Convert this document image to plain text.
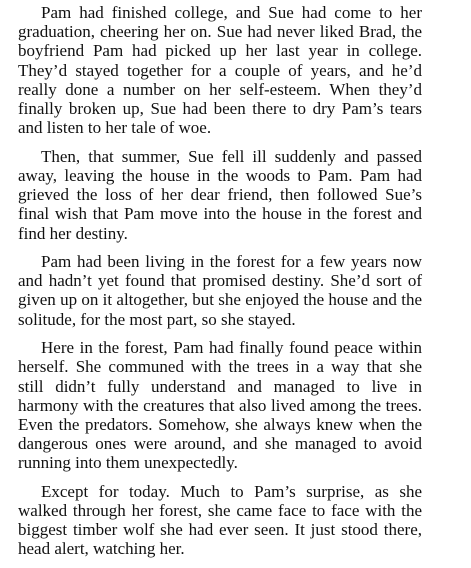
Pam had finished college, and Sue had come to her graduation, cheering her on. Sue had never liked Brad, the boyfriend Pam had picked up her last year in college. They’d stayed together for a couple of years, and he’d really done a number on her self-esteem. When they’d finally broken up, Sue had been there to dry Pam’s tears and listen to her tale of woe.

Then, that summer, Sue fell ill suddenly and passed away, leaving the house in the woods to Pam. Pam had grieved the loss of her dear friend, then followed Sue’s final wish that Pam move into the house in the forest and find her destiny.

Pam had been living in the forest for a few years now and hadn’t yet found that promised destiny. She’d sort of given up on it altogether, but she enjoyed the house and the solitude, for the most part, so she stayed.

Here in the forest, Pam had finally found peace within herself. She communed with the trees in a way that she still didn’t fully understand and managed to live in harmony with the creatures that also lived among the trees. Even the predators. Somehow, she always knew when the dangerous ones were around, and she managed to avoid running into them unexpectedly.

Except for today. Much to Pam’s surprise, as she walked through her forest, she came face to face with the biggest timber wolf she had ever seen. It just stood there, head alert, watching her.
